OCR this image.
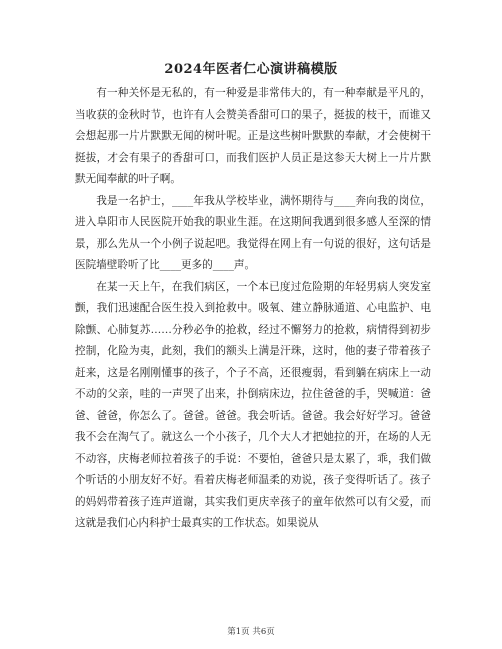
2024年医者仁心演讲稿模版

有一种关怀是无私的，有一种爱是非常伟大的，有一种奉献是平凡的，当收获的金秋时节，也许有人会赞美香甜可口的果子，挺拔的枝干，而谁又会想起那一片片默默无闻的树叶呢。正是这些树叶默默的奉献，才会使树干挺拔，才会有果子的香甜可口，而我们医护人员正是这参天大树上一片片默默无闻奉献的叶子啊。

我是一名护士，____年我从学校毕业，满怀期待与____奔向我的岗位，进入阜阳市人民医院开始我的职业生涯。在这期间我遇到很多感人至深的情景，那么先从一个小例子说起吧。我觉得在网上有一句说的很好，这句话是医院墙壁聆听了比____更多的____声。

在某一天上午，在我们病区，一个本已度过危险期的年轻男病人突发室颤，我们迅速配合医生投入到抢救中。吸氧、建立静脉通道、心电监护、电除颤、心肺复苏……分秒必争的抢救，经过不懈努力的抢救，病情得到初步控制，化险为夷，此刻，我们的额头上满是汗珠，这时，他的妻子带着孩子赶来，这是名刚刚懂事的孩子，个子不高，还很瘦弱，看到躺在病床上一动不动的父亲，哇的一声哭了出来，扑倒病床边，拉住爸爸的手，哭喊道：爸爸、爸爸，你怎么了。爸爸。爸爸。我会听话。爸爸。我会好好学习。爸爸我不会在淘气了。就这么一个小孩子，几个大人才把她拉的开，在场的人无不动容，庆梅老师拉着孩子的手说：不要怕，爸爸只是太累了，乖，我们做个听话的小朋友好不好。看着庆梅老师温柔的劝说，孩子变得听话了。孩子的妈妈带着孩子连声道谢，其实我们更庆幸孩子的童年依然可以有父爱，而这就是我们心内科护士最真实的工作状态。如果说从

第1页 共6页
